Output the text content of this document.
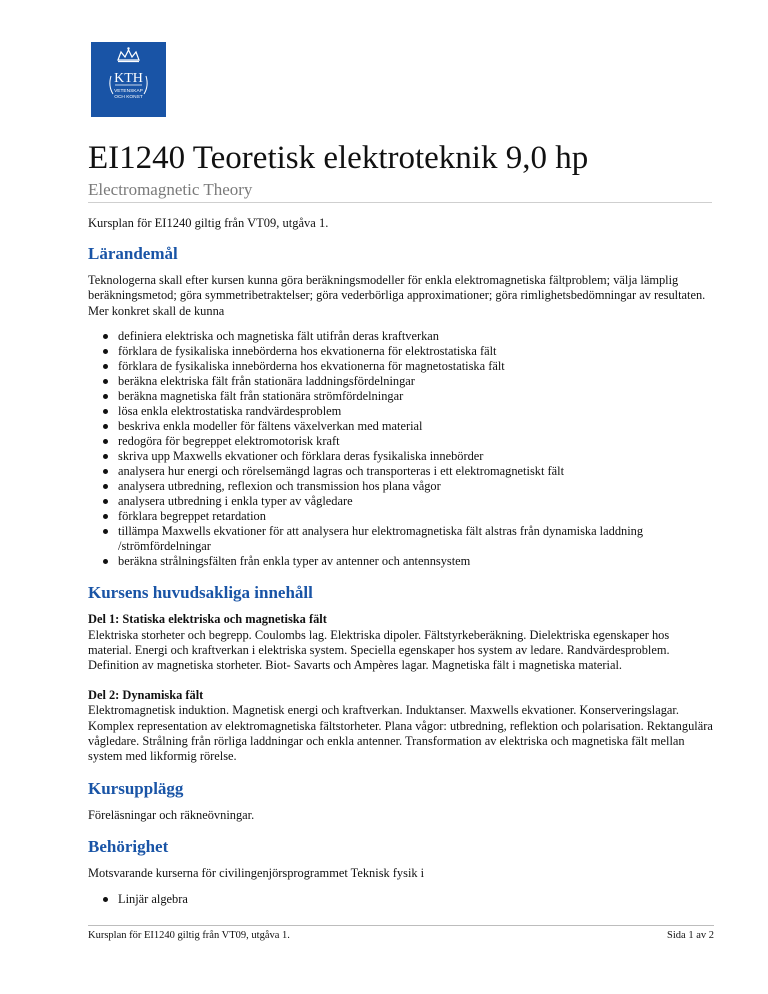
KTH
VETENSKAP
OCH KONST
EI1240 Teoretisk elektroteknik 9,0 hp
Electromagnetic Theory
Kursplan för EI1240 giltig från VT09, utgåva 1.
Lärandemål

Teknologerna skall efter kursen kunna göra beräkningsmodeller för enkla elektromagnetiska fältproblem; välja lämplig beräkningsmetod; göra symmetribetraktelser; göra vederbörliga approximationer; göra rimlighetsbedömningar av resultaten. Mer konkret skall de kunna

definiera elektriska och magnetiska fält utifrån deras kraftverkan
förklara de fysikaliska innebörderna hos ekvationerna för elektrostatiska fält
förklara de fysikaliska innebörderna hos ekvationerna för magnetostatiska fält
beräkna elektriska fält från stationära laddningsfördelningar
beräkna magnetiska fält från stationära strömfördelningar
lösa enkla elektrostatiska randvärdesproblem
beskriva enkla modeller för fältens växelverkan med material
redogöra för begreppet elektromotorisk kraft
skriva upp Maxwells ekvationer och förklara deras fysikaliska innebörder
analysera hur energi och rörelsemängd lagras och transporteras i ett elektromagnetiskt fält
analysera utbredning, reflexion och transmission hos plana vågor
analysera utbredning i enkla typer av vågledare
förklara begreppet retardation
tillämpa Maxwells ekvationer för att analysera hur elektromagnetiska fält alstras från dynamiska laddning /strömfördelningar
beräkna strålningsfälten från enkla typer av antenner och antennsystem
Kursens huvudsakliga innehåll

Del 1: Statiska elektriska och magnetiska fält

Elektriska storheter och begrepp. Coulombs lag. Elektriska dipoler. Fältstyrkeberäkning. Dielektriska egenskaper hos material. Energi och kraftverkan i elektriska system. Speciella egenskaper hos system av ledare. Randvärdesproblem. Definition av magnetiska storheter. Biot- Savarts och Ampères lagar. Magnetiska fält i magnetiska material.

Del 2: Dynamiska fält

Elektromagnetisk induktion. Magnetisk energi och kraftverkan. Induktanser. Maxwells ekvationer. Konserveringslagar. Komplex representation av elektromagnetiska fältstorheter. Plana vågor: utbredning, reflektion och polarisation. Rektangulära vågledare. Strålning från rörliga laddningar och enkla antenner. Transformation av elektriska och magnetiska fält mellan system med likformig rörelse.

Kursupplägg

Föreläsningar och räkneövningar.

Behörighet

Motsvarande kurserna för civilingenjörsprogrammet Teknisk fysik i

Linjär algebra
Kursplan för EI1240 giltig från VT09, utgåva 1.	Sida 1 av 2
